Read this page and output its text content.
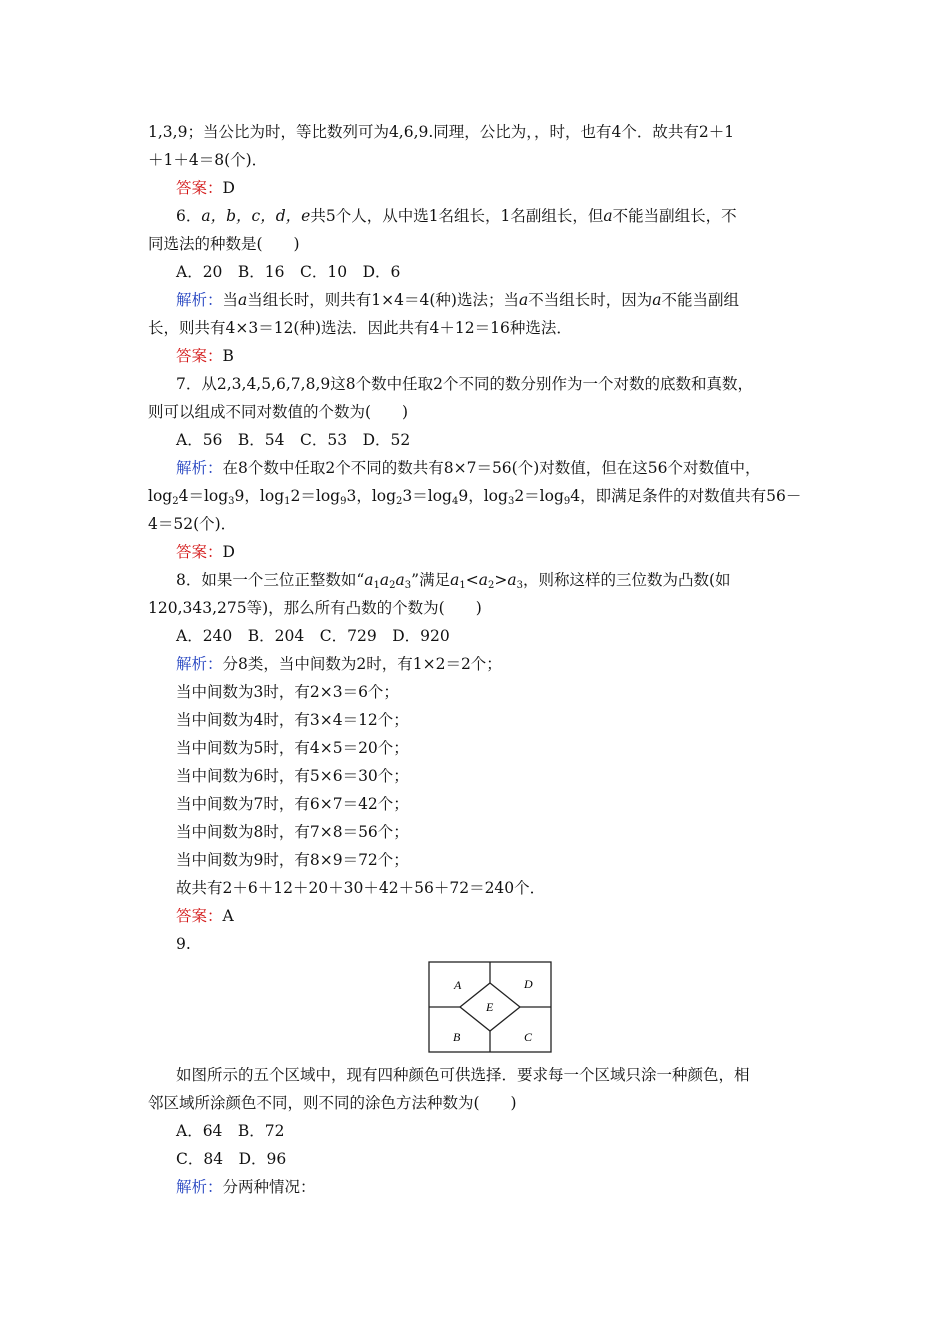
1,3,9；当公比为时，等比数列可为4,6,9.同理，公比为，，时，也有4个．故共有2＋1
＋1＋4＝8(个)．
答案：D
6．a，b，c，d，e共5个人，从中选1名组长，1名副组长，但a不能当副组长，不
同选法的种数是(　　)
A．20　B．16　C．10　D．6
解析：当a当组长时，则共有1×4＝4(种)选法；当a不当组长时，因为a不能当副组
长，则共有4×3＝12(种)选法．因此共有4＋12＝16种选法．
答案：B
7．从2,3,4,5,6,7,8,9这8个数中任取2个不同的数分别作为一个对数的底数和真数，
则可以组成不同对数值的个数为(　　)
A．56　B．54　C．53　D．52
解析：在8个数中任取2个不同的数共有8×7＝56(个)对数值，但在这56个对数值中，
$\log_24=\log_39$，$\log_12=\log_93$，$\log_23=\log_49$，$\log_32=\log_94$，即满足条件的对数值共有56－
4＝52(个)．
答案：D
8．如果一个三位正整数如“$a_1a_2a_3$”满足$a_1<a_2>a_3$，则称这样的三位数为凸数(如
120,343,275等)，那么所有凸数的个数为(　　)
A．240　B．204　C．729　D．920
解析：分8类，当中间数为2时，有1×2＝2个；
当中间数为3时，有2×3＝6个；
当中间数为4时，有3×4＝12个；
当中间数为5时，有4×5＝20个；
当中间数为6时，有5×6＝30个；
当中间数为7时，有6×7＝42个；
当中间数为8时，有7×8＝56个；
当中间数为9时，有8×9＝72个；
故共有2＋6＋12＋20＋30＋42＋56＋72＝240个．
答案：A
9.
A	D
E
B	C
如图所示的五个区域中，现有四种颜色可供选择．要求每一个区域只涂一种颜色，相
邻区域所涂颜色不同，则不同的涂色方法种数为(　　)
A．64　B．72
C．84　D．96
解析：分两种情况：
